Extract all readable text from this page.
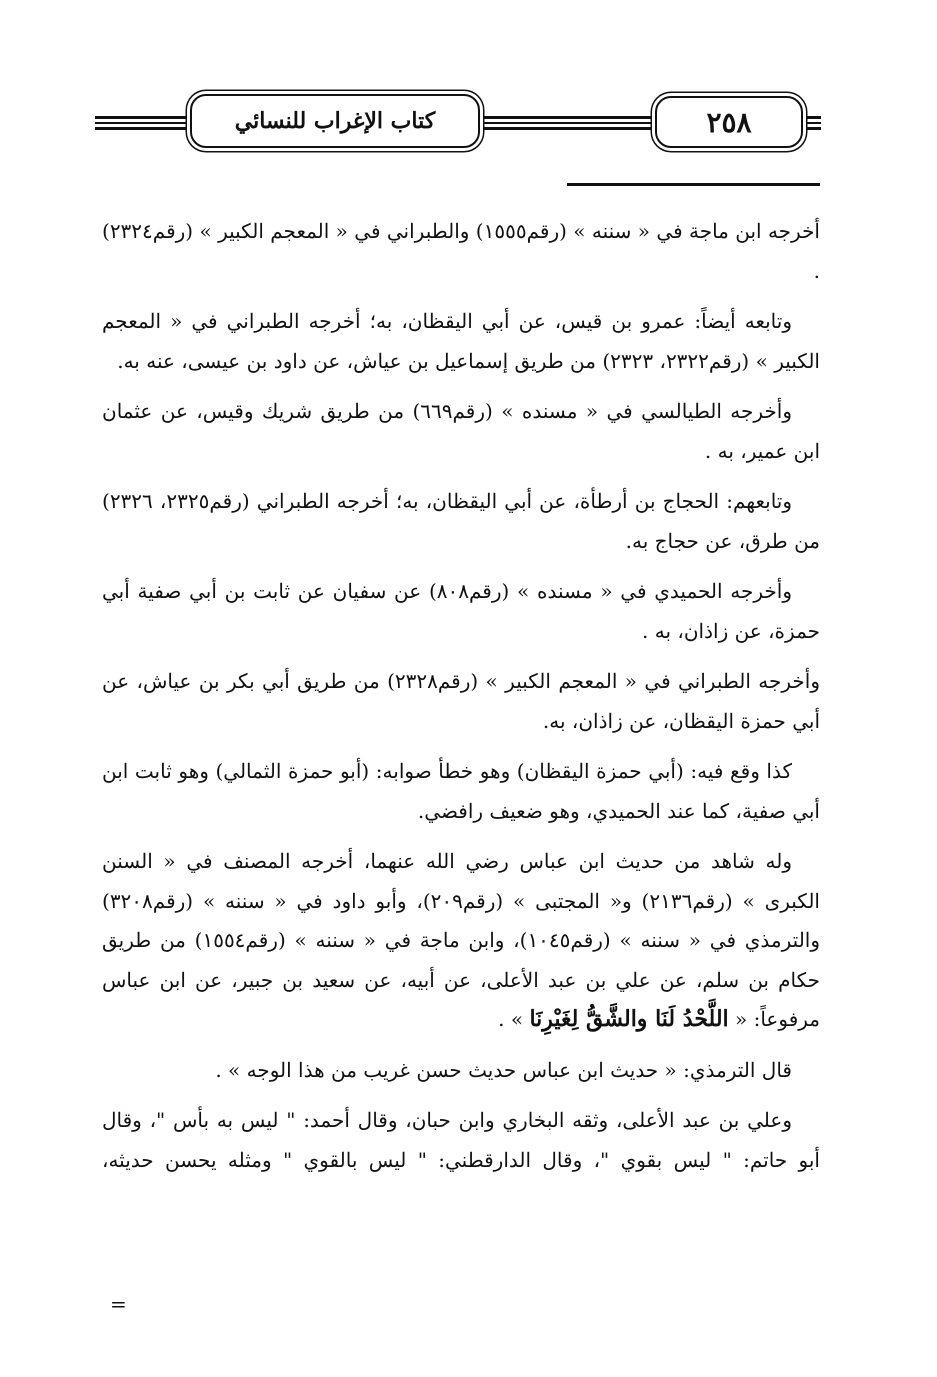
كتاب الإغراب للنسائي	٢٥٨

أخرجه ابن ماجة في « سننه » (رقم١٥٥٥) والطبراني في « المعجم الكبير » (رقم٢٣٢٤) .

وتابعه أيضاً: عمرو بن قيس، عن أبي اليقظان، به؛ أخرجه الطبراني في « المعجم الكبير » (رقم٢٣٢٢، ٢٣٢٣) من طريق إسماعيل بن عياش، عن داود بن عيسى، عنه به.

وأخرجه الطيالسي في « مسنده » (رقم٦٦٩) من طريق شريك وقيس، عن عثمان ابن عمير، به .

وتابعهم: الحجاج بن أرطأة، عن أبي اليقظان، به؛ أخرجه الطبراني (رقم٢٣٢٥، ٢٣٢٦) من طرق، عن حجاج به.

وأخرجه الحميدي في « مسنده » (رقم٨٠٨) عن سفيان عن ثابت بن أبي صفية أبي حمزة، عن زاذان، به .

وأخرجه الطبراني في « المعجم الكبير » (رقم٢٣٢٨) من طريق أبي بكر بن عياش، عن أبي حمزة اليقظان، عن زاذان، به.

كذا وقع فيه: (أبي حمزة اليقظان) وهو خطأ صوابه: (أبو حمزة الثمالي) وهو ثابت ابن أبي صفية، كما عند الحميدي، وهو ضعيف رافضي.

وله شاهد من حديث ابن عباس رضي الله عنهما، أخرجه المصنف في « السنن الكبرى » (رقم٢١٣٦) و« المجتبى » (رقم٢٠٩)، وأبو داود في « سننه » (رقم٣٢٠٨) والترمذي في « سننه » (رقم١٠٤٥)، وابن ماجة في « سننه » (رقم١٥٥٤) من طريق حكام بن سلم، عن علي بن عبد الأعلى، عن أبيه، عن سعيد بن جبير، عن ابن عباس مرفوعاً: « اللَّحْدُ لَنَا والشَّقُّ لِغَيْرِنَا » .

قال الترمذي: « حديث ابن عباس حديث حسن غريب من هذا الوجه » .

وعلي بن عبد الأعلى، وثقه البخاري وابن حبان، وقال أحمد: " ليس به بأس "، وقال أبو حاتم: " ليس بقوي "، وقال الدارقطني: " ليس بالقوي " ومثله يحسن حديثه،

=
